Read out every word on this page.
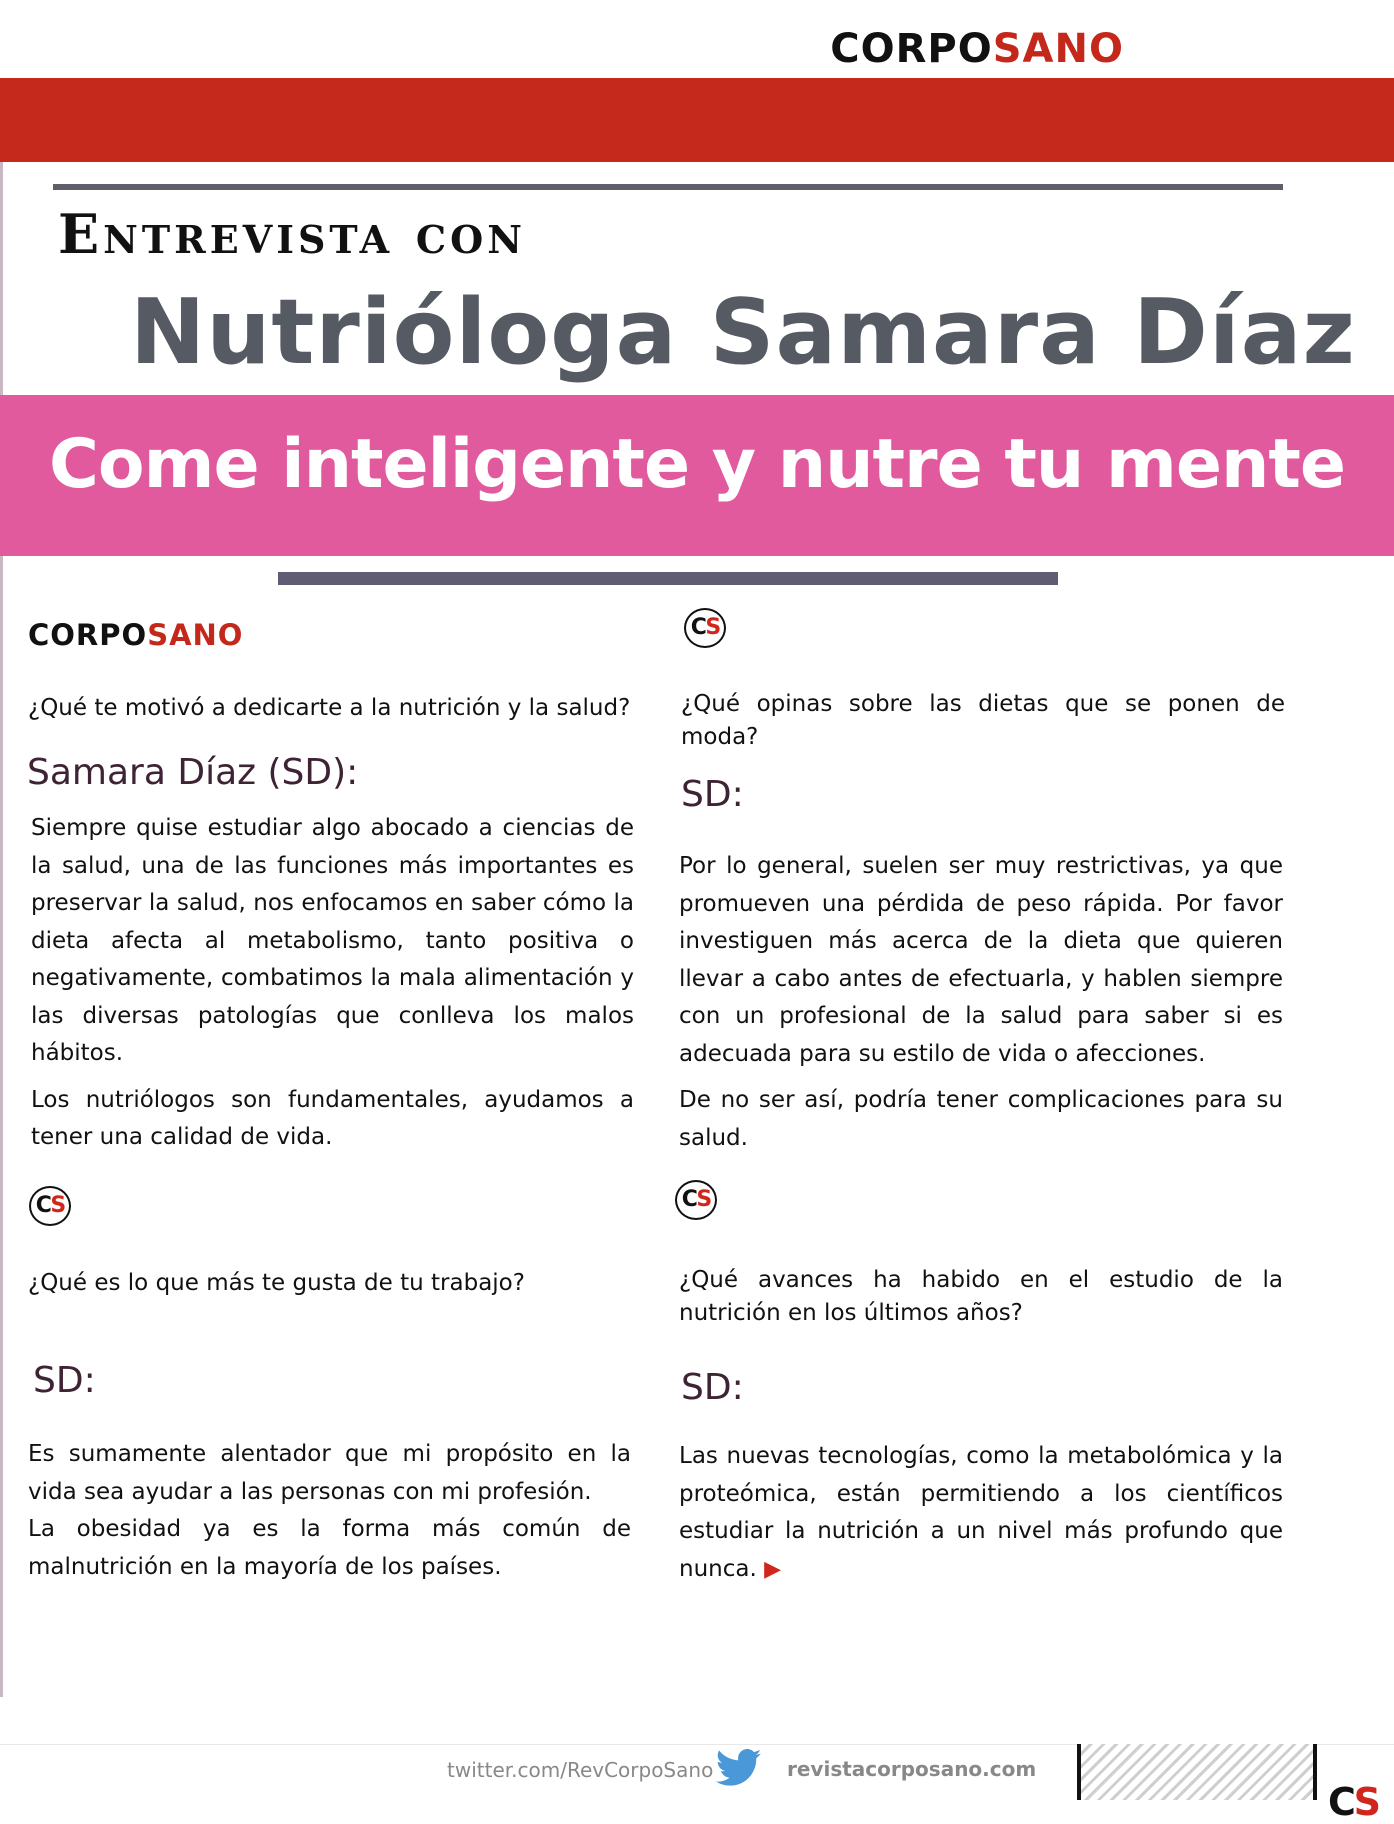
CORPOSANO
Entrevista con
Nutrióloga Samara Díaz
Come inteligente y nutre tu mente
CORPOSANO
¿Qué te motivó a dedicarte a la nutrición y la salud?
Samara Díaz (SD):

Siempre quise estudiar algo abocado a ciencias de la salud, una de las funciones más importantes es preservar la salud, nos enfocamos en saber cómo la dieta afecta al metabolismo, tanto positiva o negativamente, combatimos la mala alimentación y las diversas patologías que conlleva los malos hábitos.

Los nutriólogos son fundamentales, ayudamos a tener una calidad de vida.

CS
¿Qué opinas sobre las dietas que se ponen de moda?
SD:

Por lo general, suelen ser muy restrictivas, ya que promueven una pérdida de peso rápida. Por favor investiguen más acerca de la dieta que quieren llevar a cabo antes de efectuarla, y hablen siempre con un profesional de la salud para saber si es adecuada para su estilo de vida o afecciones.

De no ser así, podría tener complicaciones para su salud.

CS
¿Qué es lo que más te gusta de tu trabajo?
SD:

Es sumamente alentador que mi propósito en la vida sea ayudar a las personas con mi profesión.

La obesidad ya es la forma más común de malnutrición en la mayoría de los países.

CS
¿Qué avances ha habido en el estudio de la nutrición en los últimos años?
SD:

Las nuevas tecnologías, como la metabolómica y la proteómica, están permitiendo a los científicos estudiar la nutrición a un nivel más profundo que nunca. ▶

twitter.com/RevCorpoSano	revistacorposano.com
CS
